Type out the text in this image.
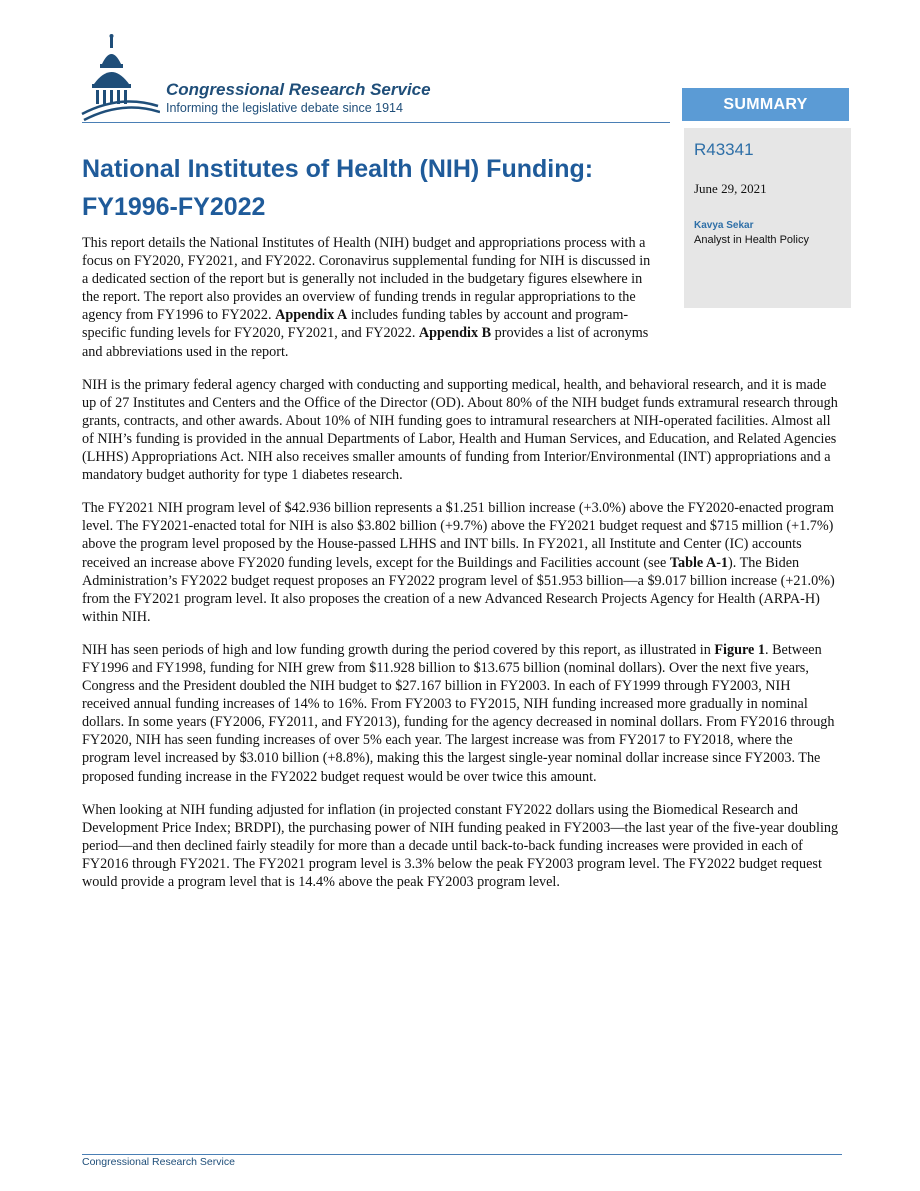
Congressional Research Service
Informing the legislative debate since 1914	SUMMARY
R43341
June 29, 2021
Kavya Sekar
Analyst in Health Policy
National Institutes of Health (NIH) Funding:
FY1996-FY2022

This report details the National Institutes of Health (NIH) budget and appropriations process with a focus on FY2020, FY2021, and FY2022. Coronavirus supplemental funding for NIH is discussed in a dedicated section of the report but is generally not included in the budgetary figures elsewhere in the report. The report also provides an overview of funding trends in regular appropriations to the agency from FY1996 to FY2022. Appendix A includes funding tables by account and program-specific funding levels for FY2020, FY2021, and FY2022. Appendix B provides a list of acronyms and abbreviations used in the report.

NIH is the primary federal agency charged with conducting and supporting medical, health, and behavioral research, and it is made up of 27 Institutes and Centers and the Office of the Director (OD). About 80% of the NIH budget funds extramural research through grants, contracts, and other awards. About 10% of NIH funding goes to intramural researchers at NIH-operated facilities. Almost all of NIH’s funding is provided in the annual Departments of Labor, Health and Human Services, and Education, and Related Agencies (LHHS) Appropriations Act. NIH also receives smaller amounts of funding from Interior/Environmental (INT) appropriations and a mandatory budget authority for type 1 diabetes research.

The FY2021 NIH program level of $42.936 billion represents a $1.251 billion increase (+3.0%) above the FY2020-enacted program level. The FY2021-enacted total for NIH is also $3.802 billion (+9.7%) above the FY2021 budget request and $715 million (+1.7%) above the program level proposed by the House-passed LHHS and INT bills. In FY2021, all Institute and Center (IC) accounts received an increase above FY2020 funding levels, except for the Buildings and Facilities account (see Table A-1). The Biden Administration’s FY2022 budget request proposes an FY2022 program level of $51.953 billion—a $9.017 billion increase (+21.0%) from the FY2021 program level. It also proposes the creation of a new Advanced Research Projects Agency for Health (ARPA-H) within NIH.

NIH has seen periods of high and low funding growth during the period covered by this report, as illustrated in Figure 1. Between FY1996 and FY1998, funding for NIH grew from $11.928 billion to $13.675 billion (nominal dollars). Over the next five years, Congress and the President doubled the NIH budget to $27.167 billion in FY2003. In each of FY1999 through FY2003, NIH received annual funding increases of 14% to 16%. From FY2003 to FY2015, NIH funding increased more gradually in nominal dollars. In some years (FY2006, FY2011, and FY2013), funding for the agency decreased in nominal dollars. From FY2016 through FY2020, NIH has seen funding increases of over 5% each year. The largest increase was from FY2017 to FY2018, where the program level increased by $3.010 billion (+8.8%), making this the largest single-year nominal dollar increase since FY2003. The proposed funding increase in the FY2022 budget request would be over twice this amount.

When looking at NIH funding adjusted for inflation (in projected constant FY2022 dollars using the Biomedical Research and Development Price Index; BRDPI), the purchasing power of NIH funding peaked in FY2003—the last year of the five-year doubling period—and then declined fairly steadily for more than a decade until back-to-back funding increases were provided in each of FY2016 through FY2021. The FY2021 program level is 3.3% below the peak FY2003 program level. The FY2022 budget request would provide a program level that is 14.4% above the peak FY2003 program level.

Congressional Research Service
